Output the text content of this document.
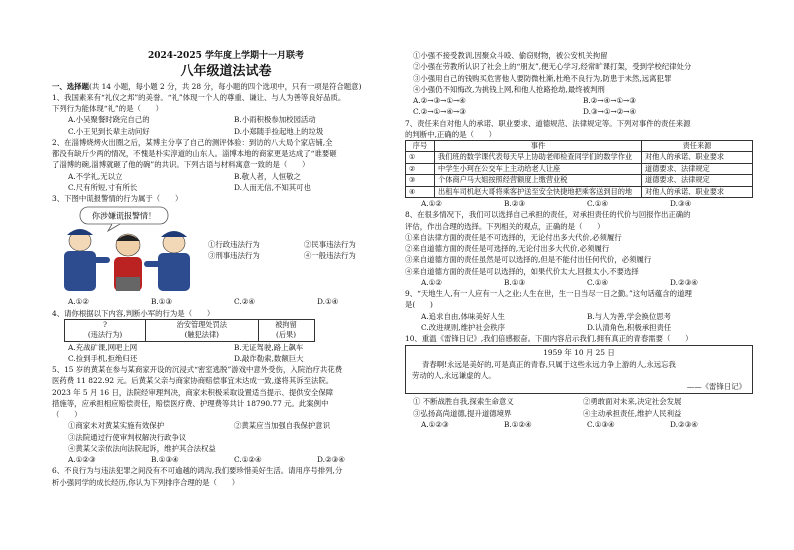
2024-2025 学年度上学期十一月联考
八年级道法试卷
一、选择题(共 14 小题，每小题 2 分，共 28 分，每小题的四个选项中，只有一项是符合题意)
1、我国素来有“礼仪之邦”的美誉。“礼”体现一个人的尊重、谦让、与人为善等良好品质。
下列行为能体现“礼”的是（　　）
A.小吴聚餐时跷完自己的	B.小雨积极参加校园活动
C.小王见到长辈主动问好	D.小郑随手捡起地上的垃圾
2、在淄博烧烤火出圈之后，某博主分享了自己的测评体验：到访的八大局个家店铺,全
都没有缺斤少两的情况，不愧是朴实淳道的山东人。淄博本地的商家更是达成了“谁要砸
了淄博的碗,淄博就砸了他的碗”的共识。下列古语与材料寓意一致的是（　　）
A.不学礼,无以立	B.敬人者，人恒敬之
C.尺有所短,寸有所长	D.人而无信,不知其可也
3、下图中谎报警情的行为属于（　　）
你涉嫌谎报警情！
①行政违法行为	②民事违法行为
③刑事违法行为	④一般违法行为
A.①②	B.①③	C.②④	D.①④
4、请你根据以下内容,判断小军的行为是（　　）
?
(违法行为)

治安管理处罚法
(触犯法律)

被拘留
(后果)
A.充战矿课,网吧上网	B.无证驾驶,路上飙车
C.捡到手机,拒绝归还	D.敲诈勒索,数额巨大
5、15 岁的黄某在参与某商家开设的沉浸式“密室逃脱”游戏中意外受伤，入院治疗共花费
医药费 11 822.92 元。后黄某父亲与商家协商赔偿事宜未达成一致,遂将其诉至法院。
2023 年 5 月 16 日，法院经审理判决，商家未积极采取设置适当提示、提供安全保障
措施等，应承担相应赔偿责任，赔偿医疗费、护理费等共计 18790.77 元。此案例中
（　　）
①商家未对黄某实施有效保护	②黄某应当加强自我保护意识
③法院通过行使审判权解决行政争议
④黄某父亲依法向法院起诉，维护其合法权益
A.①②③	B.①③④	C.①②④	D.②③④
6、不良行为与违法犯罪之间没有不可逾越的鸿沟,我们要珍惜美好生活。请用序号排列,分
析小强同学的成长经历,你认为下列排序合理的是（　　）
①小强不接受教训,因聚众斗殴、偷窃财物，被公安机关拘留
②小强在劳教所认识了社会上的“朋友”,便无心学习,经常旷课打架，受到学校纪律处分
③小强用自己的钱购买危害他人要防微杜渐,杜绝不良行为,防患于未然,远离犯罪
④小强仍不知悔改,为挑钱上网,和他人抢路抢劫,最终被判刑
A.②→③→①→④	B.②→④→①→③
C.②→①→④→③	D.③→①→②→④
7、责任来自对他人的承诺、职业要求、道德规范、法律规定等。下列对事件的责任来源
的判断中,正确的是（　　）
序号	事件	责任来源
①	我们班的数学课代表每天早上协助老师检查同学们的数学作业	对他人的承诺、职业要求
②	中学生小珂在公交车上主动给老人让座	道德要求、法律规定
③	个体商户马大姐按照经营额度上缴营业税	道德要求、法律规定
④	出租车司机赵大哥将乘客护送至安全快捷地把乘客送到目的地	对他人的承诺、职业要求
A.①②	B.②③	C.①④	D.③④
8、在很多情况下，我们可以选择自己承担的责任，对承担责任的代价与回报作出正确的
评估，作出合理的选择。下列相关的观点，正确的是（　　）
①来自法律方面的责任是不可选择的，无论付出多大代价,必须履行
②来自道德方面的责任是可选择的,无论付出多大代价,必须履行
③来自道德方面的责任虽然是可以选择的,但是不能付出任何代价，必须履行
④来自道德方面的责任是可以选择的，如果代价太大,回报太小,不要选择
A.①②	B.①③	C.①④	D.②③④
9、“天地生人,有一人应有一人之业;人生在世，生一日当尽一日之勤。”这句话蕴含的道理
是(　　)
A.追求自由,体味美好人生	B.与人为善,学会换位思考
C.改进规则,维护社会秩序	D.认清角色,积极承担责任
10、重温《雷锋日记》,我们倍感振奋。下面内容启示我们,拥有真正的青春需要（　　）
1959 年 10 月 25 日
青春啊!永远是美好的,可是真正的青春,只属于这些永远力争上游的人,永远忘我
劳动的人,永远谦虚的人。
——《雷锋日记》
① 不断战胜自我,探索生命意义	②勇敢面对未来,决定社会发展
③弘扬高尚道德,提升道德境界	④主动承担责任,维护人民利益
A.①②③	B.①②④	C.①③④	D.②③④
